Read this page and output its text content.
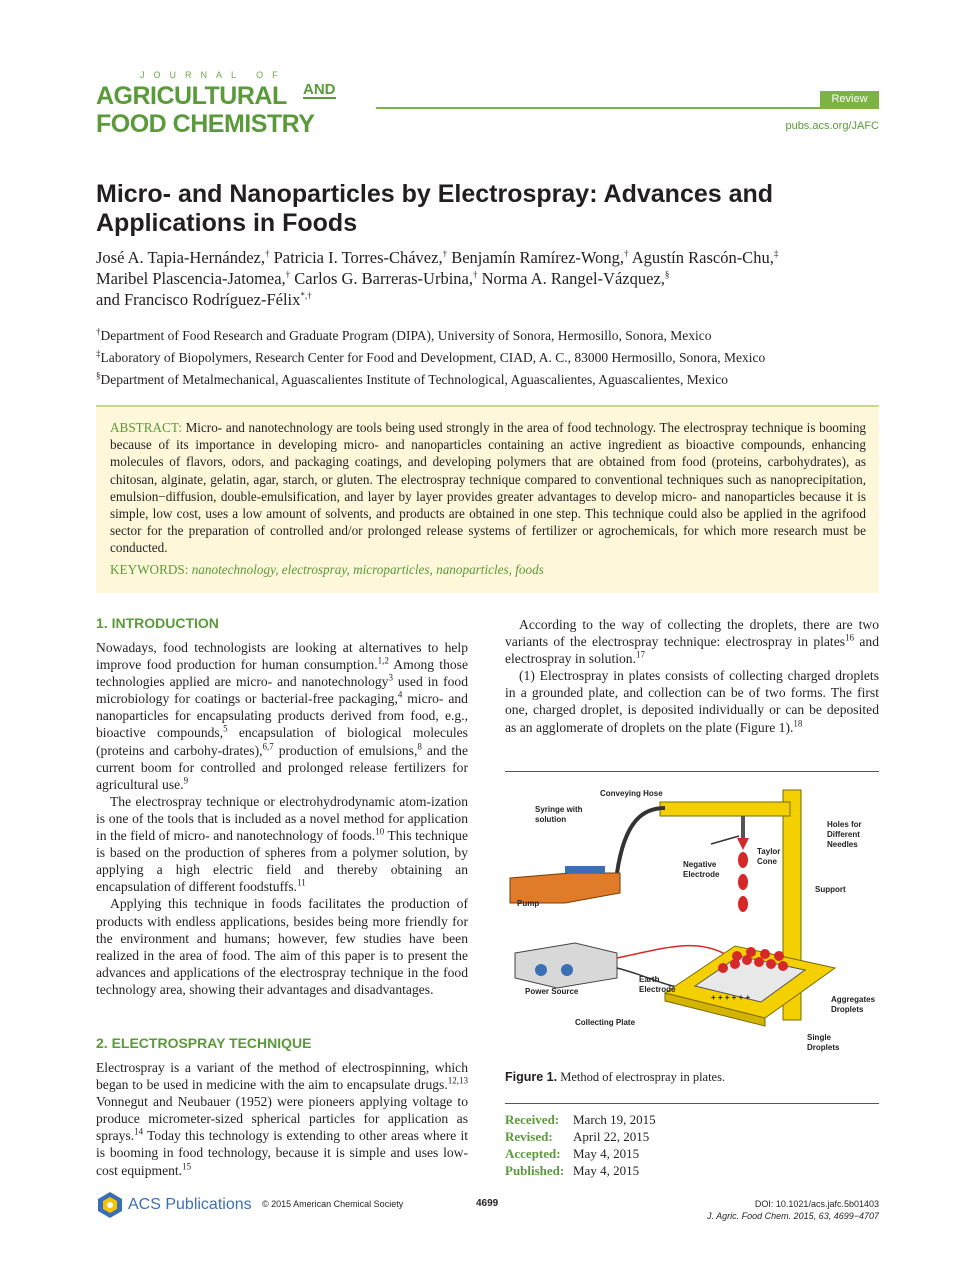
JOURNAL OF
AGRICULTURAL AND
FOOD CHEMISTRY
Review
pubs.acs.org/JAFC
Micro- and Nanoparticles by Electrospray: Advances and Applications in Foods
José A. Tapia-Hernández,† Patricia I. Torres-Chávez,† Benjamín Ramírez-Wong,† Agustín Rascón-Chu,‡
Maribel Plascencia-Jatomea,† Carlos G. Barreras-Urbina,† Norma A. Rangel-Vázquez,§
and Francisco Rodríguez-Félix*,†
†Department of Food Research and Graduate Program (DIPA), University of Sonora, Hermosillo, Sonora, Mexico
‡Laboratory of Biopolymers, Research Center for Food and Development, CIAD, A. C., 83000 Hermosillo, Sonora, Mexico
§Department of Metalmechanical, Aguascalientes Institute of Technological, Aguascalientes, Aguascalientes, Mexico
ABSTRACT: Micro- and nanotechnology are tools being used strongly in the area of food technology. The electrospray technique is booming because of its importance in developing micro- and nanoparticles containing an active ingredient as bioactive compounds, enhancing molecules of flavors, odors, and packaging coatings, and developing polymers that are obtained from food (proteins, carbohydrates), as chitosan, alginate, gelatin, agar, starch, or gluten. The electrospray technique compared to conventional techniques such as nanoprecipitation, emulsion−diffusion, double-emulsification, and layer by layer provides greater advantages to develop micro- and nanoparticles because it is simple, low cost, uses a low amount of solvents, and products are obtained in one step. This technique could also be applied in the agrifood sector for the preparation of controlled and/or prolonged release systems of fertilizer or agrochemicals, for which more research must be conducted.
KEYWORDS: nanotechnology, electrospray, microparticles, nanoparticles, foods
1. INTRODUCTION

Nowadays, food technologists are looking at alternatives to help improve food production for human consumption.$^{1,2}$ Among those technologies applied are micro- and nanotechnology$^3$ used in food microbiology for coatings or bacterial-free packaging,$^4$ micro- and nanoparticles for encapsulating products derived from food, e.g., bioactive compounds,$^5$ encapsulation of biological molecules (proteins and carbohy-drates),$^{6,7}$ production of emulsions,$^8$ and the current boom for controlled and prolonged release fertilizers for agricultural use.$^9$

The electrospray technique or electrohydrodynamic atom-ization is one of the tools that is included as a novel method for application in the field of micro- and nanotechnology of foods.$^{10}$ This technique is based on the production of spheres from a polymer solution, by applying a high electric field and thereby obtaining an encapsulation of different foodstuffs.$^{11}$

Applying this technique in foods facilitates the production of products with endless applications, besides being more friendly for the environment and humans; however, few studies have been realized in the area of food. The aim of this paper is to present the advances and applications of the electrospray technique in the food technology area, showing their advantages and disadvantages.

2. ELECTROSPRAY TECHNIQUE

Electrospray is a variant of the method of electrospinning, which began to be used in medicine with the aim to encapsulate drugs.$^{12,13}$ Vonnegut and Neubauer (1952) were pioneers applying voltage to produce micrometer-sized spherical particles for application as sprays.$^{14}$ Today this technology is extending to other areas where it is booming in food technology, because it is simple and uses low-cost equipment.$^{15}$

According to the way of collecting the droplets, there are two variants of the electrospray technique: electrospray in plates$^{16}$ and electrospray in solution.$^{17}$

(1) Electrospray in plates consists of collecting charged droplets in a grounded plate, and collection can be of two forms. The first one, charged droplet, is deposited individually or can be deposited as an agglomerate of droplets on the plate (Figure 1).$^{18}$

+ + + + + +
Conveying Hose
Syringe with
solution
Holes for
Different
Needles
Taylor
Cone
Negative
Electrode
Support
Pump
Power Source
Earth
Electrode
Aggregates
Droplets
Collecting Plate
Single
Droplets
Figure 1. Method of electrospray in plates.
Received: March 19, 2015
Revised: April 22, 2015
Accepted: May 4, 2015
Published: May 4, 2015
ACS Publications © 2015 American Chemical Society	4699	DOI: 10.1021/acs.jafc.5b01403
J. Agric. Food Chem. 2015, 63, 4699−4707
